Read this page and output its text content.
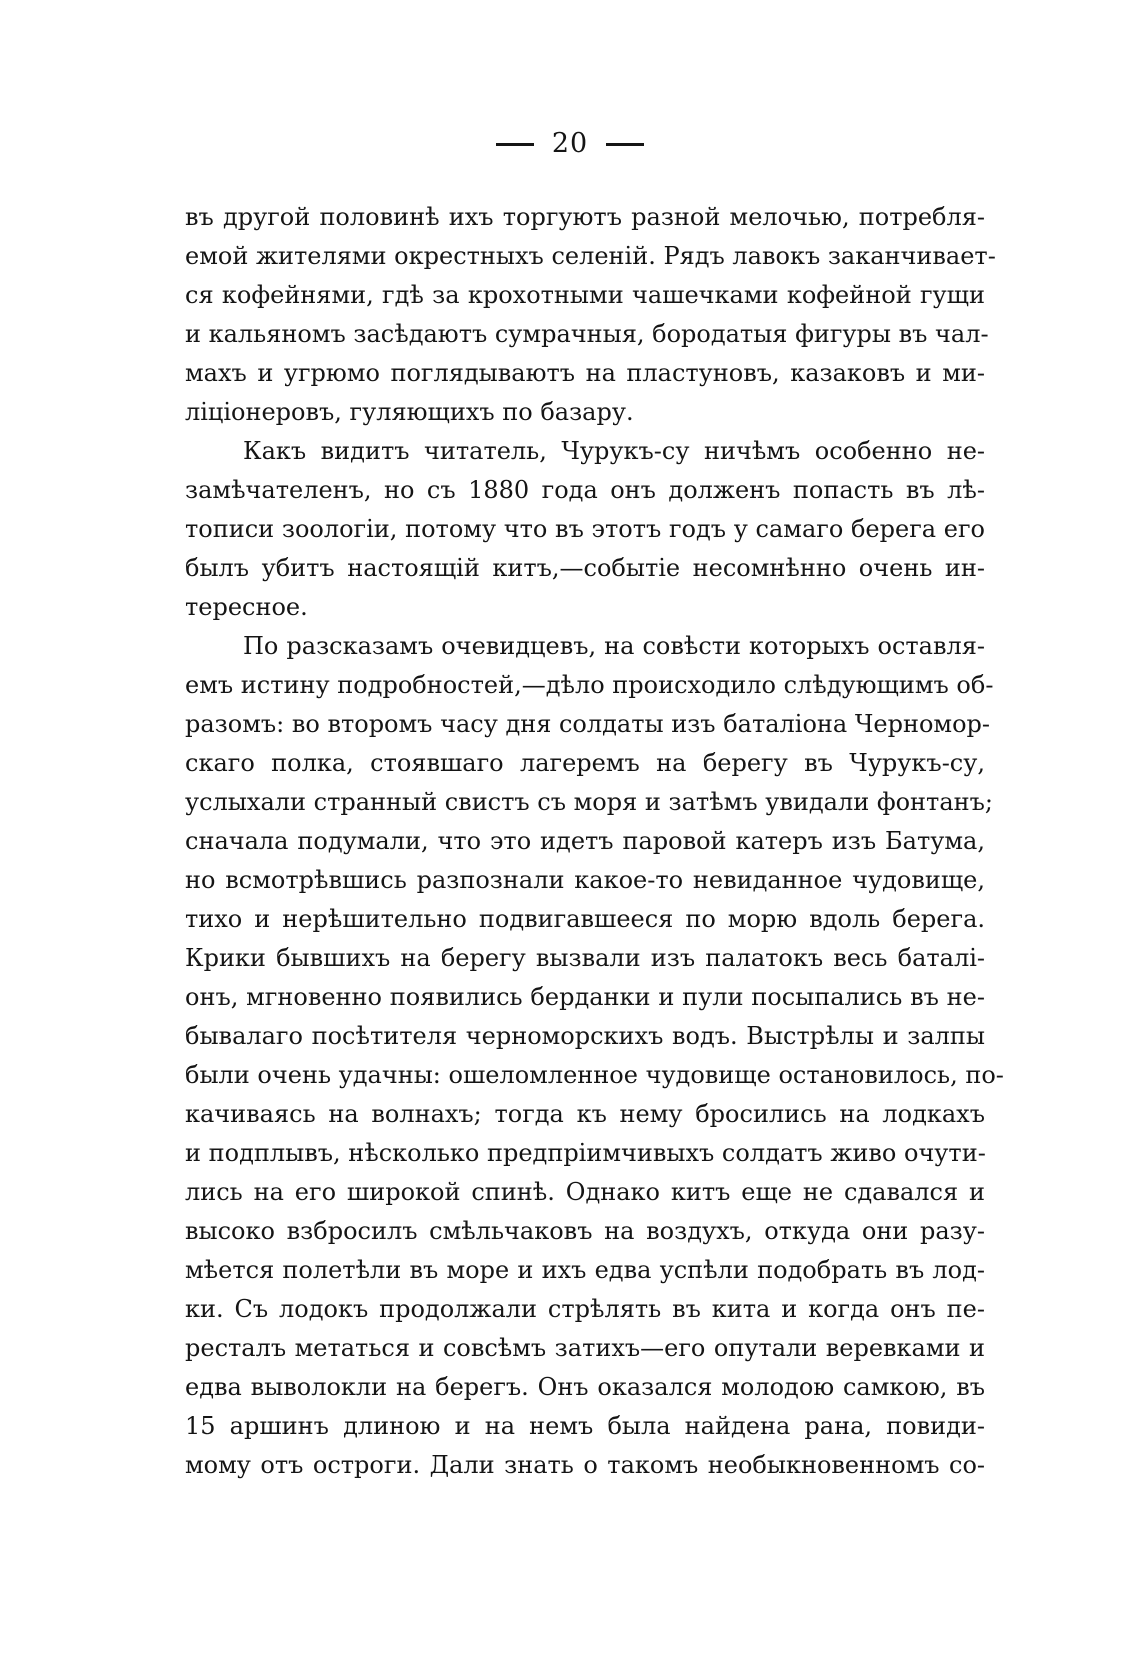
20
въ другой половинѣ ихъ торгуютъ разной мелочью, потребля-
емой жителями окрестныхъ селеній. Рядъ лавокъ заканчивает-
ся кофейнями, гдѣ за крохотными чашечками кофейной гущи
и кальяномъ засѣдаютъ сумрачныя, бородатыя фигуры въ чал-
махъ и угрюмо поглядываютъ на пластуновъ, казаковъ и ми-
ліціонеровъ, гуляющихъ по базару.
Какъ видитъ читатель, Чурукъ-су ничѣмъ особенно не-
замѣчателенъ, но съ 1880 года онъ долженъ попасть въ лѣ-
тописи зоологіи, потому что въ этотъ годъ у самаго берега его
былъ убитъ настоящій китъ,—событіе несомнѣнно очень ин-
тересное.
По разсказамъ очевидцевъ, на совѣсти которыхъ оставля-
емъ истину подробностей,—дѣло происходило слѣдующимъ об-
разомъ: во второмъ часу дня солдаты изъ баталіона Черномор-
скаго полка, стоявшаго лагеремъ на берегу въ Чурукъ-су,
услыхали странный свистъ съ моря и затѣмъ увидали фонтанъ;
сначала подумали, что это идетъ паровой катеръ изъ Батума,
но всмотрѣвшись разпознали какое-то невиданное чудовище,
тихо и нерѣшительно подвигавшееся по морю вдоль берега.
Крики бывшихъ на берегу вызвали изъ палатокъ весь баталі-
онъ, мгновенно появились берданки и пули посыпались въ не-
бывалаго посѣтителя черноморскихъ водъ. Выстрѣлы и залпы
были очень удачны: ошеломленное чудовище остановилось, по-
качиваясь на волнахъ; тогда къ нему бросились на лодкахъ
и подплывъ, нѣсколько предпріимчивыхъ солдатъ живо очути-
лись на его широкой спинѣ. Однако китъ еще не сдавался и
высоко взбросилъ смѣльчаковъ на воздухъ, откуда они разу-
мѣется полетѣли въ море и ихъ едва успѣли подобрать въ лод-
ки. Съ лодокъ продолжали стрѣлять въ кита и когда онъ пе-
ресталъ метаться и совсѣмъ затихъ—его опутали веревками и
едва выволокли на берегъ. Онъ оказался молодою самкою, въ
15 аршинъ длиною и на немъ была найдена рана, повиди-
мому отъ остроги. Дали знать о такомъ необыкновенномъ со-
